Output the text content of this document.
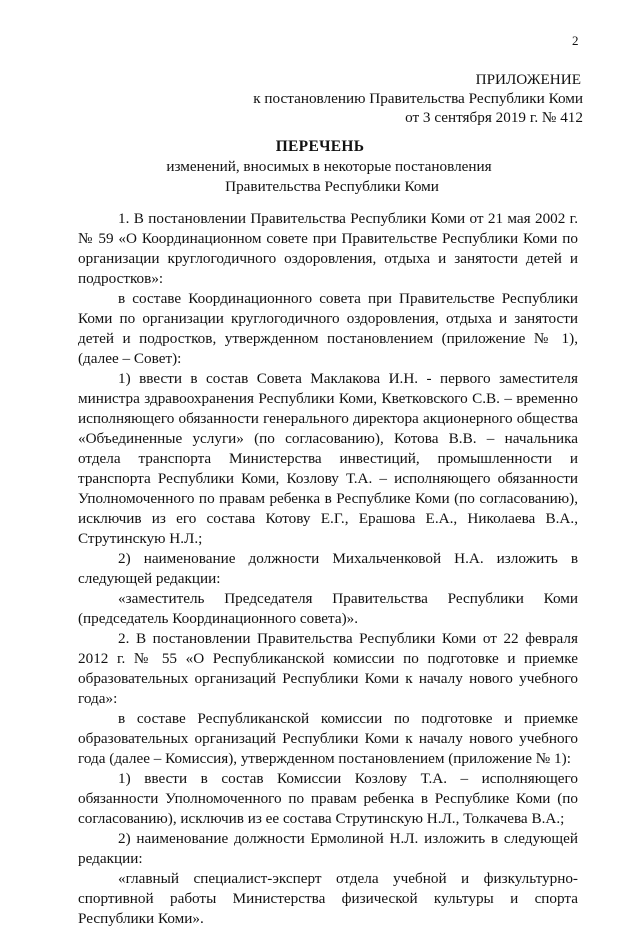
2
ПРИЛОЖЕНИЕ
к постановлению Правительства Республики Коми
от 3 сентября 2019 г. № 412
ПЕРЕЧЕНЬ
изменений, вносимых в некоторые постановления
Правительства Республики Коми

1. В постановлении Правительства Республики Коми от 21 мая 2002 г. № 59 «О Координационном совете при Правительстве Республики Коми по организации круглогодичного оздоровления, отдыха и занятости детей и подростков»:

в составе Координационного совета при Правительстве Республики Коми по организации круглогодичного оздоровления, отдыха и занятости детей и подростков, утвержденном постановлением (приложение № 1), (далее – Совет):

1) ввести в состав Совета Маклакова И.Н. - первого заместителя министра здравоохранения Республики Коми, Кветковского С.В. – временно исполняющего обязанности генерального директора акционерного общества «Объединенные услуги» (по согласованию), Котова В.В. – начальника отдела транспорта Министерства инвестиций, промышленности и транспорта Республики Коми, Козлову Т.А. – исполняющего обязанности Уполномоченного по правам ребенка в Республике Коми (по согласованию), исключив из его состава Котову Е.Г., Ерашова Е.А., Николаева В.А., Струтинскую Н.Л.;

2) наименование должности Михальченковой Н.А. изложить в следующей редакции:

«заместитель Председателя Правительства Республики Коми (председатель Координационного совета)».

2. В постановлении Правительства Республики Коми от 22 февраля 2012 г. № 55 «О Республиканской комиссии по подготовке и приемке образовательных организаций Республики Коми к началу нового учебного года»:

в составе Республиканской комиссии по подготовке и приемке образовательных организаций Республики Коми к началу нового учебного года (далее – Комиссия), утвержденном постановлением (приложение № 1):

1) ввести в состав Комиссии Козлову Т.А. – исполняющего обязанности Уполномоченного по правам ребенка в Республике Коми (по согласованию), исключив из ее состава Струтинскую Н.Л., Толкачева В.А.;

2) наименование должности Ермолиной Н.Л. изложить в следующей редакции:

«главный специалист-эксперт отдела учебной и физкультурно-спортивной работы Министерства физической культуры и спорта Республики Коми».
